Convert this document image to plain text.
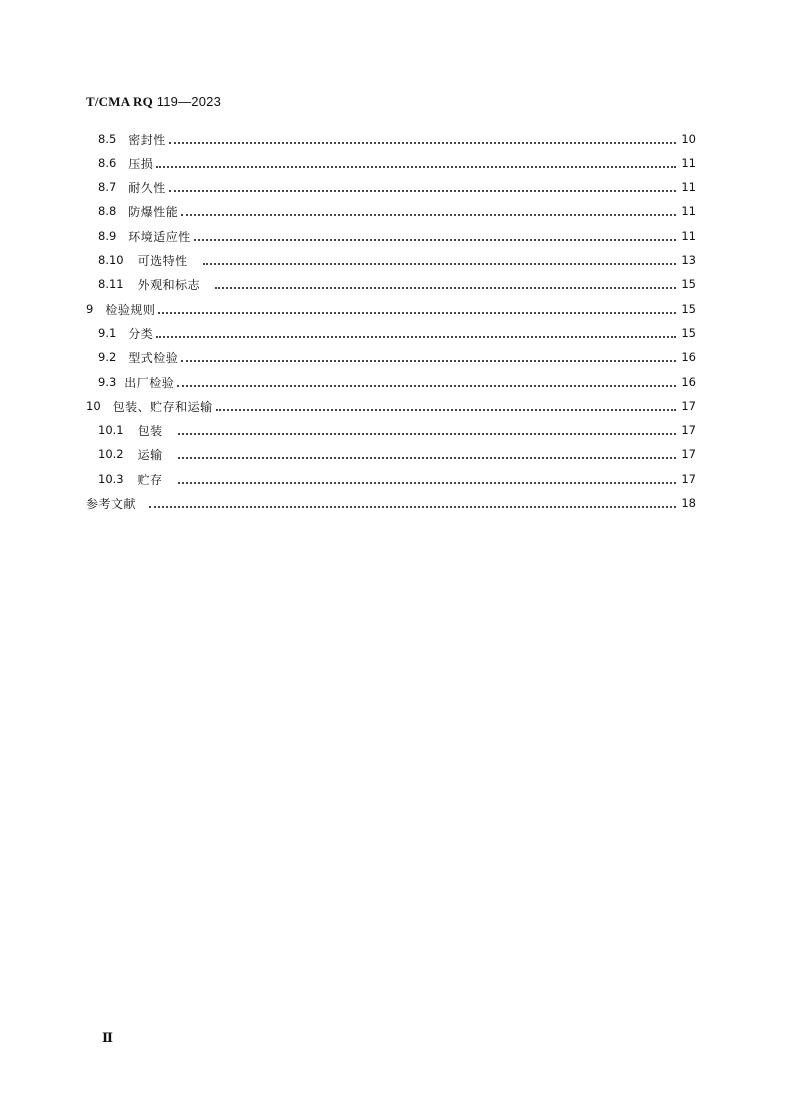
T/CMA RQ 119—2023
8.5 密封性	10
8.6 压损	11
8.7 耐久性	11
8.8 防爆性能	11
8.9 环境适应性	11
8.10 可选特性	13
8.11 外观和标志	15
9 检验规则	15
9.1 分类	15
9.2 型式检验	16
9.3 出厂检验	16
10 包装、贮存和运输	17
10.1 包装	17
10.2 运输	17
10.3 贮存	17
参考文献	18
Ⅱ
